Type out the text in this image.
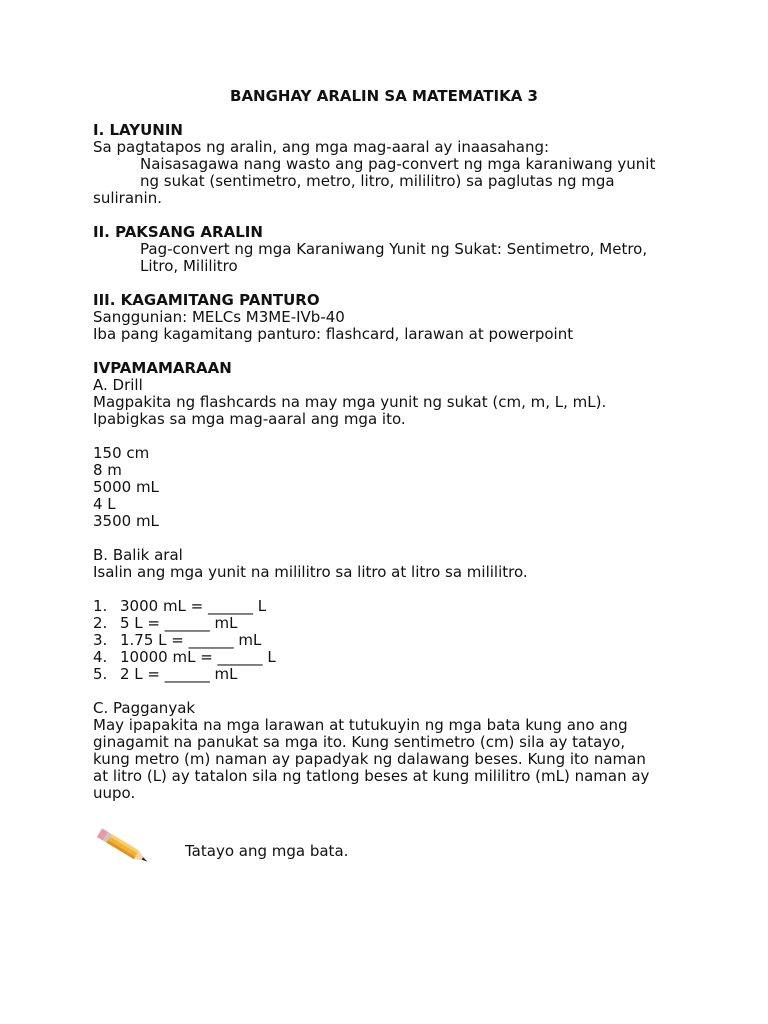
BANGHAY ARALIN SA MATEMATIKA 3
I. LAYUNIN
Sa pagtatapos ng aralin, ang mga mag-aaral ay inaasahang:
Naisasagawa nang wasto ang pag-convert ng mga karaniwang yunit
ng sukat (sentimetro, metro, litro, mililitro) sa paglutas ng mga
suliranin.
II. PAKSANG ARALIN
Pag-convert ng mga Karaniwang Yunit ng Sukat: Sentimetro, Metro,
Litro, Mililitro
III. KAGAMITANG PANTURO
Sanggunian: MELCs M3ME-IVb-40
Iba pang kagamitang panturo: flashcard, larawan at powerpoint
IVPAMAMARAAN
A. Drill
Magpakita ng flashcards na may mga yunit ng sukat (cm, m, L, mL).
Ipabigkas sa mga mag-aaral ang mga ito.
150 cm
8 m
5000 mL
4 L
3500 mL
B. Balik aral
Isalin ang mga yunit na mililitro sa litro at litro sa mililitro.
1. 3000 mL = ______ L
2. 5 L = ______ mL
3. 1.75 L = ______ mL
4. 10000 mL = ______ L
5. 2 L = ______ mL
C. Pagganyak
May ipapakita na mga larawan at tutukuyin ng mga bata kung ano ang
ginagamit na panukat sa mga ito. Kung sentimetro (cm) sila ay tatayo,
kung metro (m) naman ay papadyak ng dalawang beses. Kung ito naman
at litro (L) ay tatalon sila ng tatlong beses at kung mililitro (mL) naman ay
uupo.
Tatayo ang mga bata.
